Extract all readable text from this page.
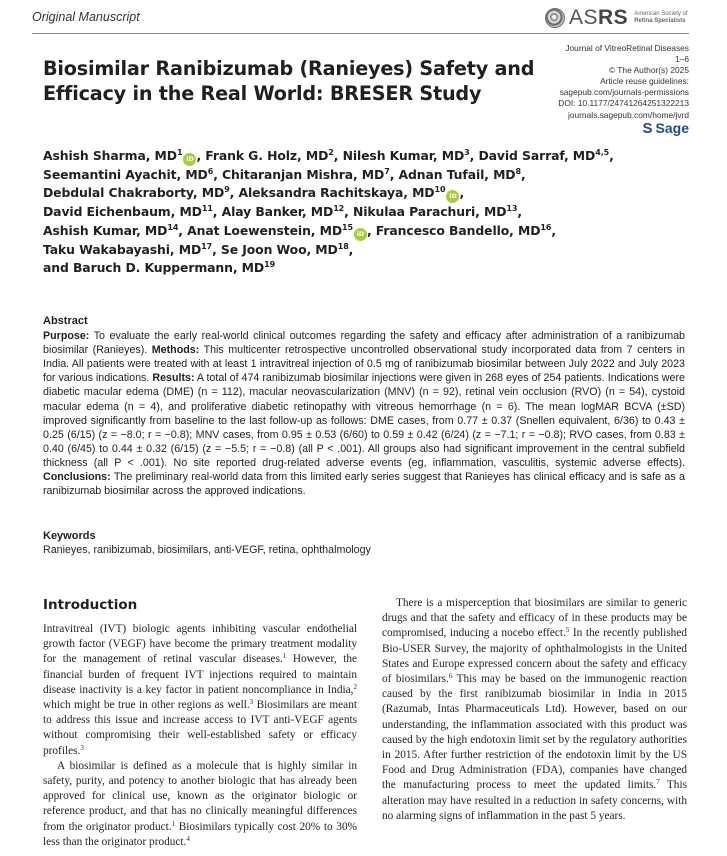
Original Manuscript	ASRS American Society of
Retina Specialists
Journal of VitreoRetinal Diseases
1–6
© The Author(s) 2025
Article reuse guidelines:
sagepub.com/journals-permissions
DOI: 10.1177/24741264251322213
journals.sagepub.com/home/jvrd
S Sage
Biosimilar Ranibizumab (Ranieyes) Safety and Efficacy in the Real World: BRESER Study
Ashish Sharma, $MD^1iD$ , Frank G. Holz, $MD^2$, Nilesh Kumar, $MD^3$, David Sarraf, MD$^{4,5}$,
Seemantini Ayachit, $MD^6$, Chitaranjan Mishra, $MD^7$, Adnan Tufail, $MD^8$,
Debdulal Chakraborty, $MD^9$, Aleksandra Rachitskaya, MD$^{10}$iD ,
David Eichenbaum, MD$^{11}$, Alay Banker, MD$^{12}$, Nikulaa Parachuri, MD$^{13}$,
Ashish Kumar, MD$^{14}$, Anat Loewenstein, MD$^{15}$iD , Francesco Bandello, MD$^{16}$,
Taku Wakabayashi, MD$^{17}$, Se Joon Woo, MD$^{18}$,
and Baruch D. Kuppermann, MD$^{19}$
Abstract

Purpose: To evaluate the early real-world clinical outcomes regarding the safety and efficacy after administration of a ranibizumab biosimilar (Ranieyes). Methods: This multicenter retrospective uncontrolled observational study incorporated data from 7 centers in India. All patients were treated with at least 1 intravitreal injection of 0.5 mg of ranibizumab biosimilar between July 2022 and July 2023 for various indications. Results: A total of 474 ranibizumab biosimilar injections were given in 268 eyes of 254 patients. Indications were diabetic macular edema (DME) (n = 112), macular neovascularization (MNV) (n = 92), retinal vein occlusion (RVO) (n = 54), cystoid macular edema (n = 4), and proliferative diabetic retinopathy with vitreous hemorrhage (n = 6). The mean logMAR BCVA (±SD) improved significantly from baseline to the last follow-up as follows: DME cases, from 0.77 ± 0.37 (Snellen equivalent, 6/36) to 0.43 ± 0.25 (6/15) (z = −8.0; r = −0.8); MNV cases, from 0.95 ± 0.53 (6/60) to 0.59 ± 0.42 (6/24) (z = −7.1; r = −0.8); RVO cases, from 0.83 ± 0.40 (6/45) to 0.44 ± 0.32 (6/15) (z = −5.5; r = −0.8) (all P < .001). All groups also had significant improvement in the central subfield thickness (all P < .001). No site reported drug-related adverse events (eg, inflammation, vasculitis, systemic adverse effects). Conclusions: The preliminary real-world data from this limited early series suggest that Ranieyes has clinical efficacy and is safe as a ranibizumab biosimilar across the approved indications.

Keywords
Ranieyes, ranibizumab, biosimilars, anti-VEGF, retina, ophthalmology
Introduction

Intravitreal (IVT) biologic agents inhibiting vascular endothelial growth factor (VEGF) have become the primary treatment modality for the management of retinal vascular diseases.$^1$ However, the financial burden of frequent IVT injections required to maintain disease inactivity is a key factor in patient noncompliance in India,$^2$ which might be true in other regions as well.$^3$ Biosimilars are meant to address this issue and increase access to IVT anti-VEGF agents without compromising their well-established safety or efficacy profiles.$^3$

A biosimilar is defined as a molecule that is highly similar in safety, purity, and potency to another biologic that has already been approved for clinical use, known as the originator biologic or reference product, and that has no clinically meaningful differences from the originator product.$^1$ Biosimilars typically cost 20% to 30% less than the originator product.$^4$

There is a misperception that biosimilars are similar to generic drugs and that the safety and efficacy of in these products may be compromised, inducing a nocebo effect.$^5$ In the recently published Bio-USER Survey, the majority of ophthalmologists in the United States and Europe expressed concern about the safety and efficacy of biosimilars.$^6$ This may be based on the immunogenic reaction caused by the first ranibizumab biosimilar in India in 2015 (Razumab, Intas Pharmaceuticals Ltd). However, based on our understanding, the inflammation associated with this product was caused by the high endotoxin limit set by the regulatory authorities in 2015. After further restriction of the endotoxin limit by the US Food and Drug Administration (FDA), companies have changed the manufacturing process to meet the updated limits.$^7$ This alteration may have resulted in a reduction in safety concerns, with no alarming signs of inflammation in the past 5 years.
